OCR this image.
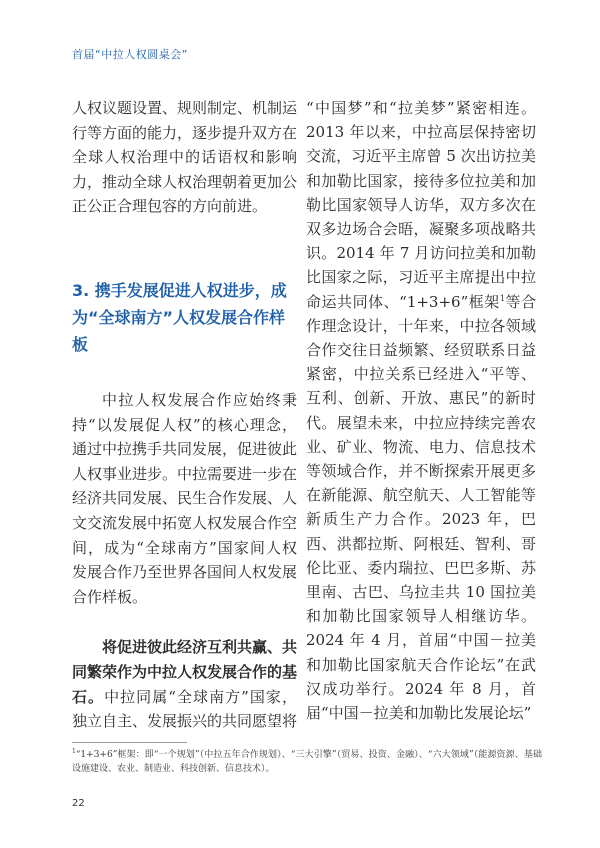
首届“中拉人权圆桌会”

人权议题设置、规则制定、机制运行等方面的能力，逐步提升双方在全球人权治理中的话语权和影响力，推动全球人权治理朝着更加公正公正合理包容的方向前进。

3. 携手发展促进人权进步，成为“全球南方”人权发展合作样板

中拉人权发展合作应始终秉持“以发展促人权”的核心理念，通过中拉携手共同发展，促进彼此人权事业进步。中拉需要进一步在经济共同发展、民生合作发展、人文交流发展中拓宽人权发展合作空间，成为“全球南方”国家间人权发展合作乃至世界各国间人权发展合作样板。

将促进彼此经济互利共赢、共同繁荣作为中拉人权发展合作的基石。中拉同属“全球南方”国家，独立自主、发展振兴的共同愿望将

“中国梦”和“拉美梦”紧密相连。2013 年以来，中拉高层保持密切交流，习近平主席曾 5 次出访拉美和加勒比国家，接待多位拉美和加勒比国家领导人访华，双方多次在双多边场合会晤，凝聚多项战略共识。2014 年 7 月访问拉美和加勒比国家之际，习近平主席提出中拉命运共同体、“1+3+6”框架$^1$等合作理念设计，十年来，中拉各领域合作交往日益频繁、经贸联系日益紧密，中拉关系已经进入“平等、互利、创新、开放、惠民”的新时代。展望未来，中拉应持续完善农业、矿业、物流、电力、信息技术等领域合作，并不断探索开展更多在新能源、航空航天、人工智能等新质生产力合作。2023 年，巴西、洪都拉斯、阿根廷、智利、哥伦比亚、委内瑞拉、巴巴多斯、苏里南、古巴、乌拉圭共 10 国拉美和加勒比国家领导人相继访华。2024 年 4 月，首届“中国－拉美和加勒比国家航天合作论坛”在武汉成功举行。2024 年 8 月，首届“中国－拉美和加勒比发展论坛”

$^1$“1+3+6”框架：即“一个规划”（中拉五年合作规划）、“三大引擎”（贸易、投资、金融）、“六大领域”（能源资源、基础设施建设、农业、制造业、科技创新、信息技术）。
22
